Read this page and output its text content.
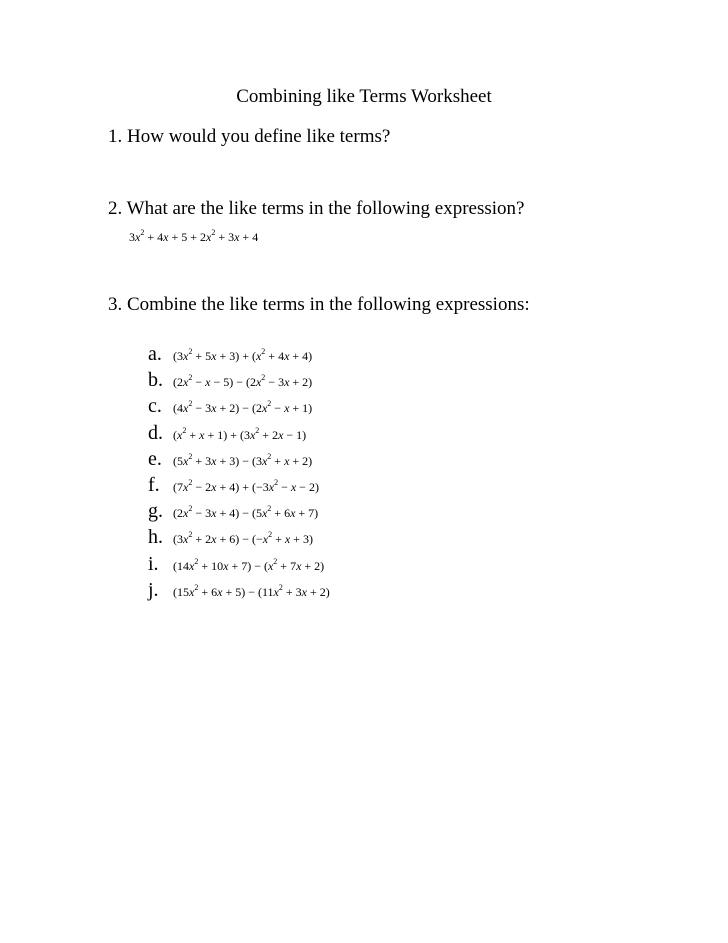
Combining like Terms Worksheet
1. How would you define like terms?
2. What are the like terms in the following expression?
$3x^2 + 4x + 5 + 2x^2 + 3x + 4$
3. Combine the like terms in the following expressions:
a. $(3x^2 + 5x + 3) + (x^2 + 4x + 4)$
b. $(2x^2 - x - 5) - (2x^2 - 3x + 2)$
c. $(4x^2 - 3x + 2) - (2x^2 - x + 1)$
d. $(x^2 + x + 1) + (3x^2 + 2x - 1)$
e. $(5x^2 + 3x + 3) - (3x^2 + x + 2)$
f.	$(7x^2 - 2x + 4) + (-3x^2 - x - 2)$
g. $(2x^2 - 3x + 4) - (5x^2 + 6x + 7)$
h. $(3x^2 + 2x + 6) - (-x^2 + x + 3)$
i.	$(14x^2 + 10x + 7) - (x^2 + 7x + 2)$
j.	$(15x^2 + 6x + 5) - (11x^2 + 3x + 2)$
